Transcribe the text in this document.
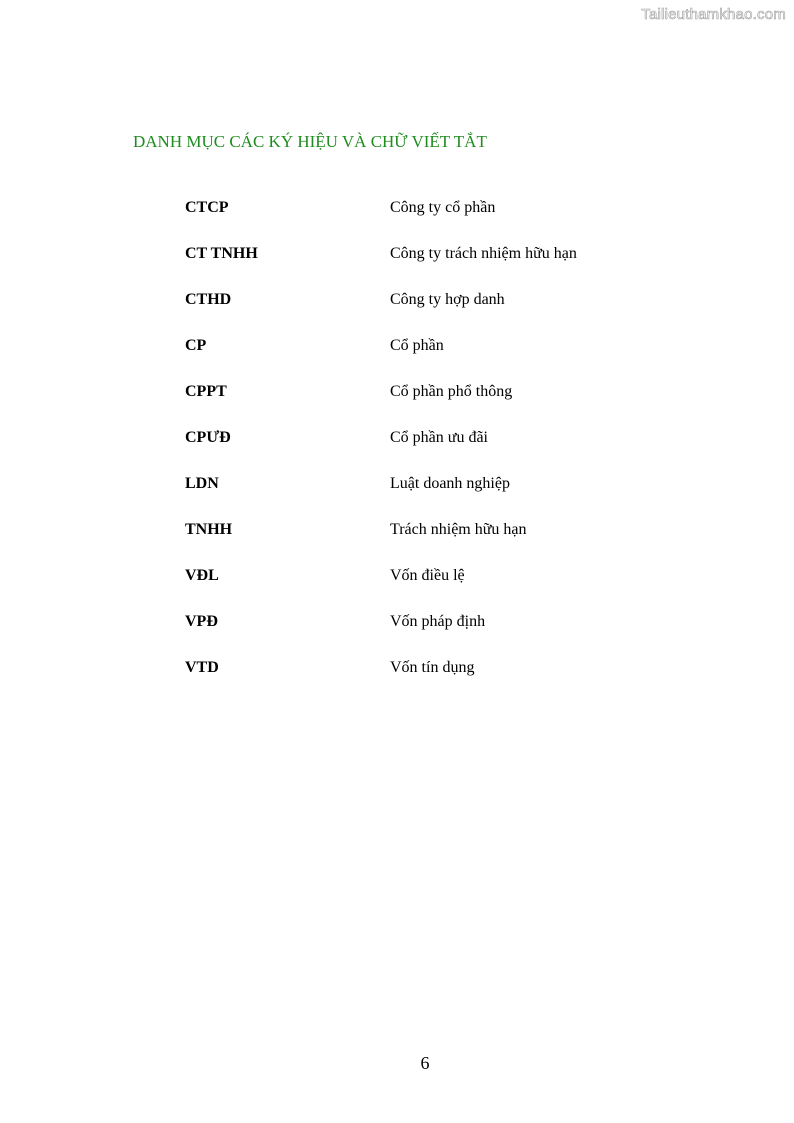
Tailieuthamkhao.com
DANH MỤC CÁC KÝ HIỆU VÀ CHỮ VIẾT TẮT
CTCP	Công ty cổ phần
CT TNHH	Công ty trách nhiệm hữu hạn
CTHD	Công ty hợp danh
CP	Cổ phần
CPPT	Cổ phần phổ thông
CPƯĐ	Cổ phần ưu đãi
LDN	Luật doanh nghiệp
TNHH	Trách nhiệm hữu hạn
VĐL	Vốn điều lệ
VPĐ	Vốn pháp định
VTD	Vốn tín dụng
6
